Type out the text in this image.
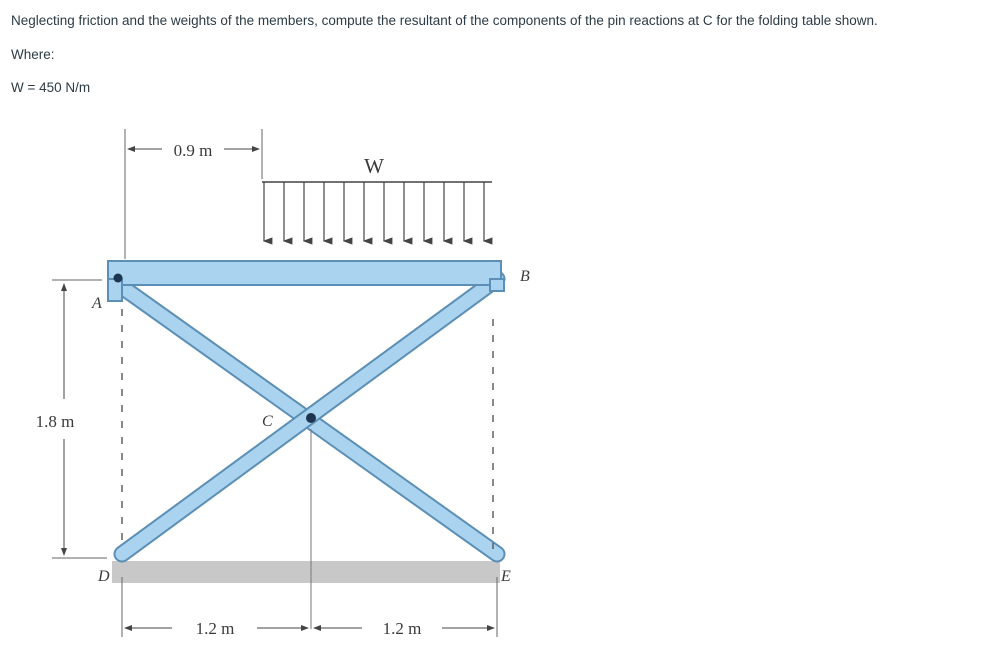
Neglecting friction and the weights of the members, compute the resultant of the components of the pin reactions at C for the folding table shown.

Where:

W = 450 N/m

W
0.9 m
1.8 m
1.2 m	1.2 m
A
B
C
D	E
